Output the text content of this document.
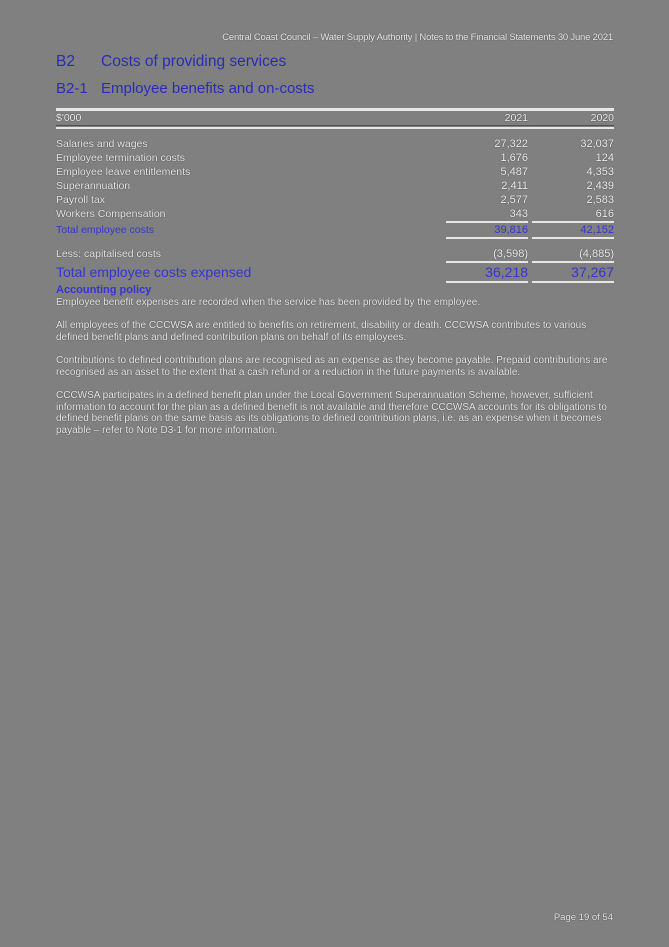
Central Coast Council – Water Supply Authority | Notes to the Financial Statements 30 June 2021
B2	Costs of providing services
B2-1 Employee benefits and on-costs
$'000	2021	2020
Salaries and wages	27,322	32,037
Employee termination costs	1,676	124
Employee leave entitlements	5,487	4,353
Superannuation	2,411	2,439
Payroll tax	2,577	2,583
Workers Compensation	343	616
Total employee costs	39,816	42,152
Less: capitalised costs	(3,598)	(4,885)
Total employee costs expensed	36,218	37,267
Accounting policy

Employee benefit expenses are recorded when the service has been provided by the employee.

All employees of the CCCWSA are entitled to benefits on retirement, disability or death. CCCWSA contributes to various defined benefit plans and defined contribution plans on behalf of its employees.

Contributions to defined contribution plans are recognised as an expense as they become payable. Prepaid contributions are recognised as an asset to the extent that a cash refund or a reduction in the future payments is available.

CCCWSA participates in a defined benefit plan under the Local Government Superannuation Scheme, however, sufficient information to account for the plan as a defined benefit is not available and therefore CCCWSA accounts for its obligations to defined benefit plans on the same basis as its obligations to defined contribution plans, i.e. as an expense when it becomes payable – refer to Note D3-1 for more information.

Page 19 of 54
